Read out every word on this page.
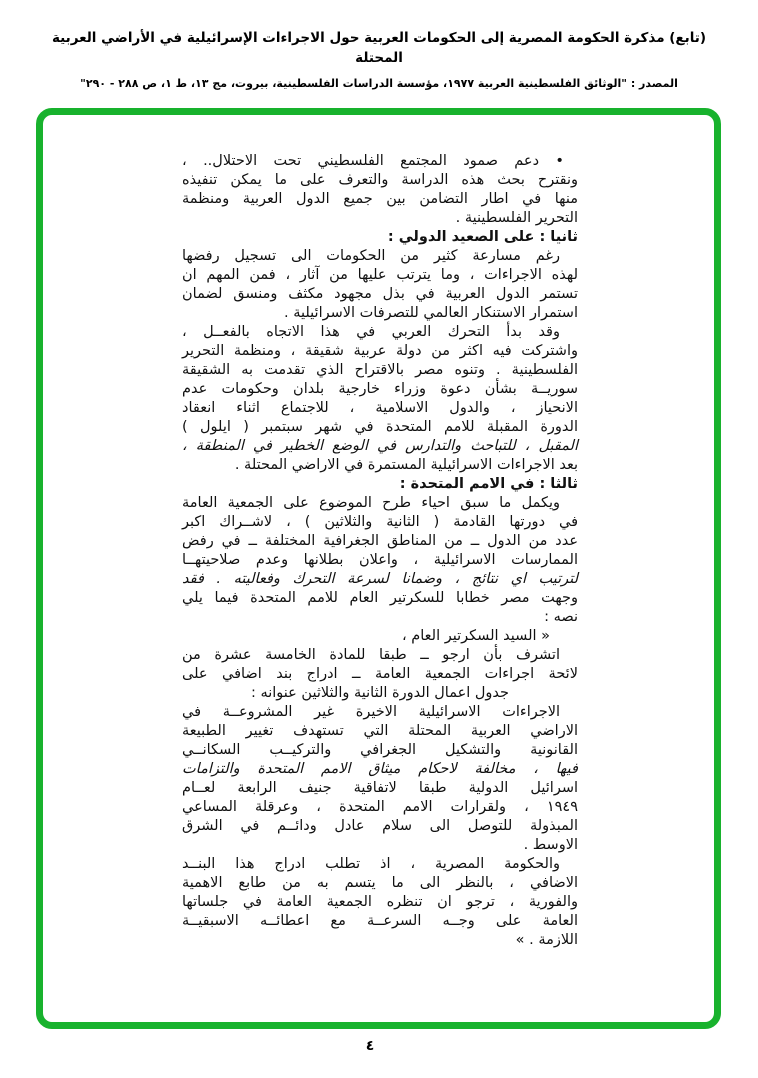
(تابع) مذكرة الحكومة المصرية إلى الحكومات العربية حول الاجراءات الإسرائيلية في الأراضي العربية المحتلة
المصدر : "الوثائق الفلسطينية العربية ١٩٧٧، مؤسسة الدراسات الفلسطينية، بيروت، مج ١٣، ط ١، ص ٢٨٨ - ٢٩٠"
• دعم صمود المجتمع الفلسطيني تحت الاحتلال.. ،
ونقترح بحث هذه الدراسة والتعرف على ما يمكن تنفيذه
منها في اطار التضامن بين جميع الدول العربية ومنظمة
التحرير الفلسطينية .
ثانيا : على الصعيد الدولي :
رغم مسارعة كثير من الحكومات الى تسجيل رفضها
لهذه الاجراءات ، وما يترتب عليها من آثار ، فمن المهم ان
تستمر الدول العربية في بذل مجهود مكثف ومنسق لضمان
استمرار الاستنكار العالمي للتصرفات الاسرائيلية .
وقد بدأ التحرك العربي في هذا الاتجاه بالفعــل ،
واشتركت فيه اكثر من دولة عربية شقيقة ، ومنظمة التحرير
الفلسطينية . وتنوه مصر بالاقتراح الذي تقدمت به الشقيقة
سوريــة بشأن دعوة وزراء خارجية بلدان وحكومات عدم
الانحياز ، والدول الاسلامية ، للاجتماع اثناء انعقاد
الدورة المقبلة للامم المتحدة في شهر سبتمبر ( ايلول )
المقبل ، للتباحث والتدارس في الوضع الخطير في المنطقة ،
بعد الاجراءات الاسرائيلية المستمرة في الاراضي المحتلة .
ثالثا : في الامم المتحدة :
ويكمل ما سبق احياء طرح الموضوع على الجمعية العامة
في دورتها القادمة ( الثانية والثلاثين ) ، لاشــراك اكبر
عدد من الدول ــ من المناطق الجغرافية المختلفة ــ في رفض
الممارسات الاسرائيلية ، واعلان بطلانها وعدم صلاحيتهــا
لترتيب اي نتائج ، وضمانا لسرعة التحرك وفعاليته . فقد
وجهت مصر خطابا للسكرتير العام للامم المتحدة فيما يلي
نصه :
« السيد السكرتير العام ،
اتشرف بأن ارجو ــ طبقا للمادة الخامسة عشرة من
لائحة اجراءات الجمعية العامة ــ ادراج بند اضافي على
جدول اعمال الدورة الثانية والثلاثين عنوانه :
الاجراءات الاسرائيلية الاخيرة غير المشروعــة في
الاراضي العربية المحتلة التي تستهدف تغيير الطبيعة
القانونية والتشكيل الجغرافي والتركيــب السكانــي
فيها ، مخالفة لاحكام ميثاق الامم المتحدة والتزامات
اسرائيل الدولية طبقا لاتفاقية جنيف الرابعة لعــام
١٩٤٩ ، ولقرارات الامم المتحدة ، وعرقلة المساعي
المبذولة للتوصل الى سلام عادل ودائــم في الشرق
الاوسط .
والحكومة المصرية ، اذ تطلب ادراج هذا البنــد
الاضافي ، بالنظر الى ما يتسم به من طابع الاهمية
والفورية ، ترجو ان تنظره الجمعية العامة في جلساتها
العامة على وجــه السرعــة مع اعطائــه الاسبقيــة
اللازمة . »
٤
